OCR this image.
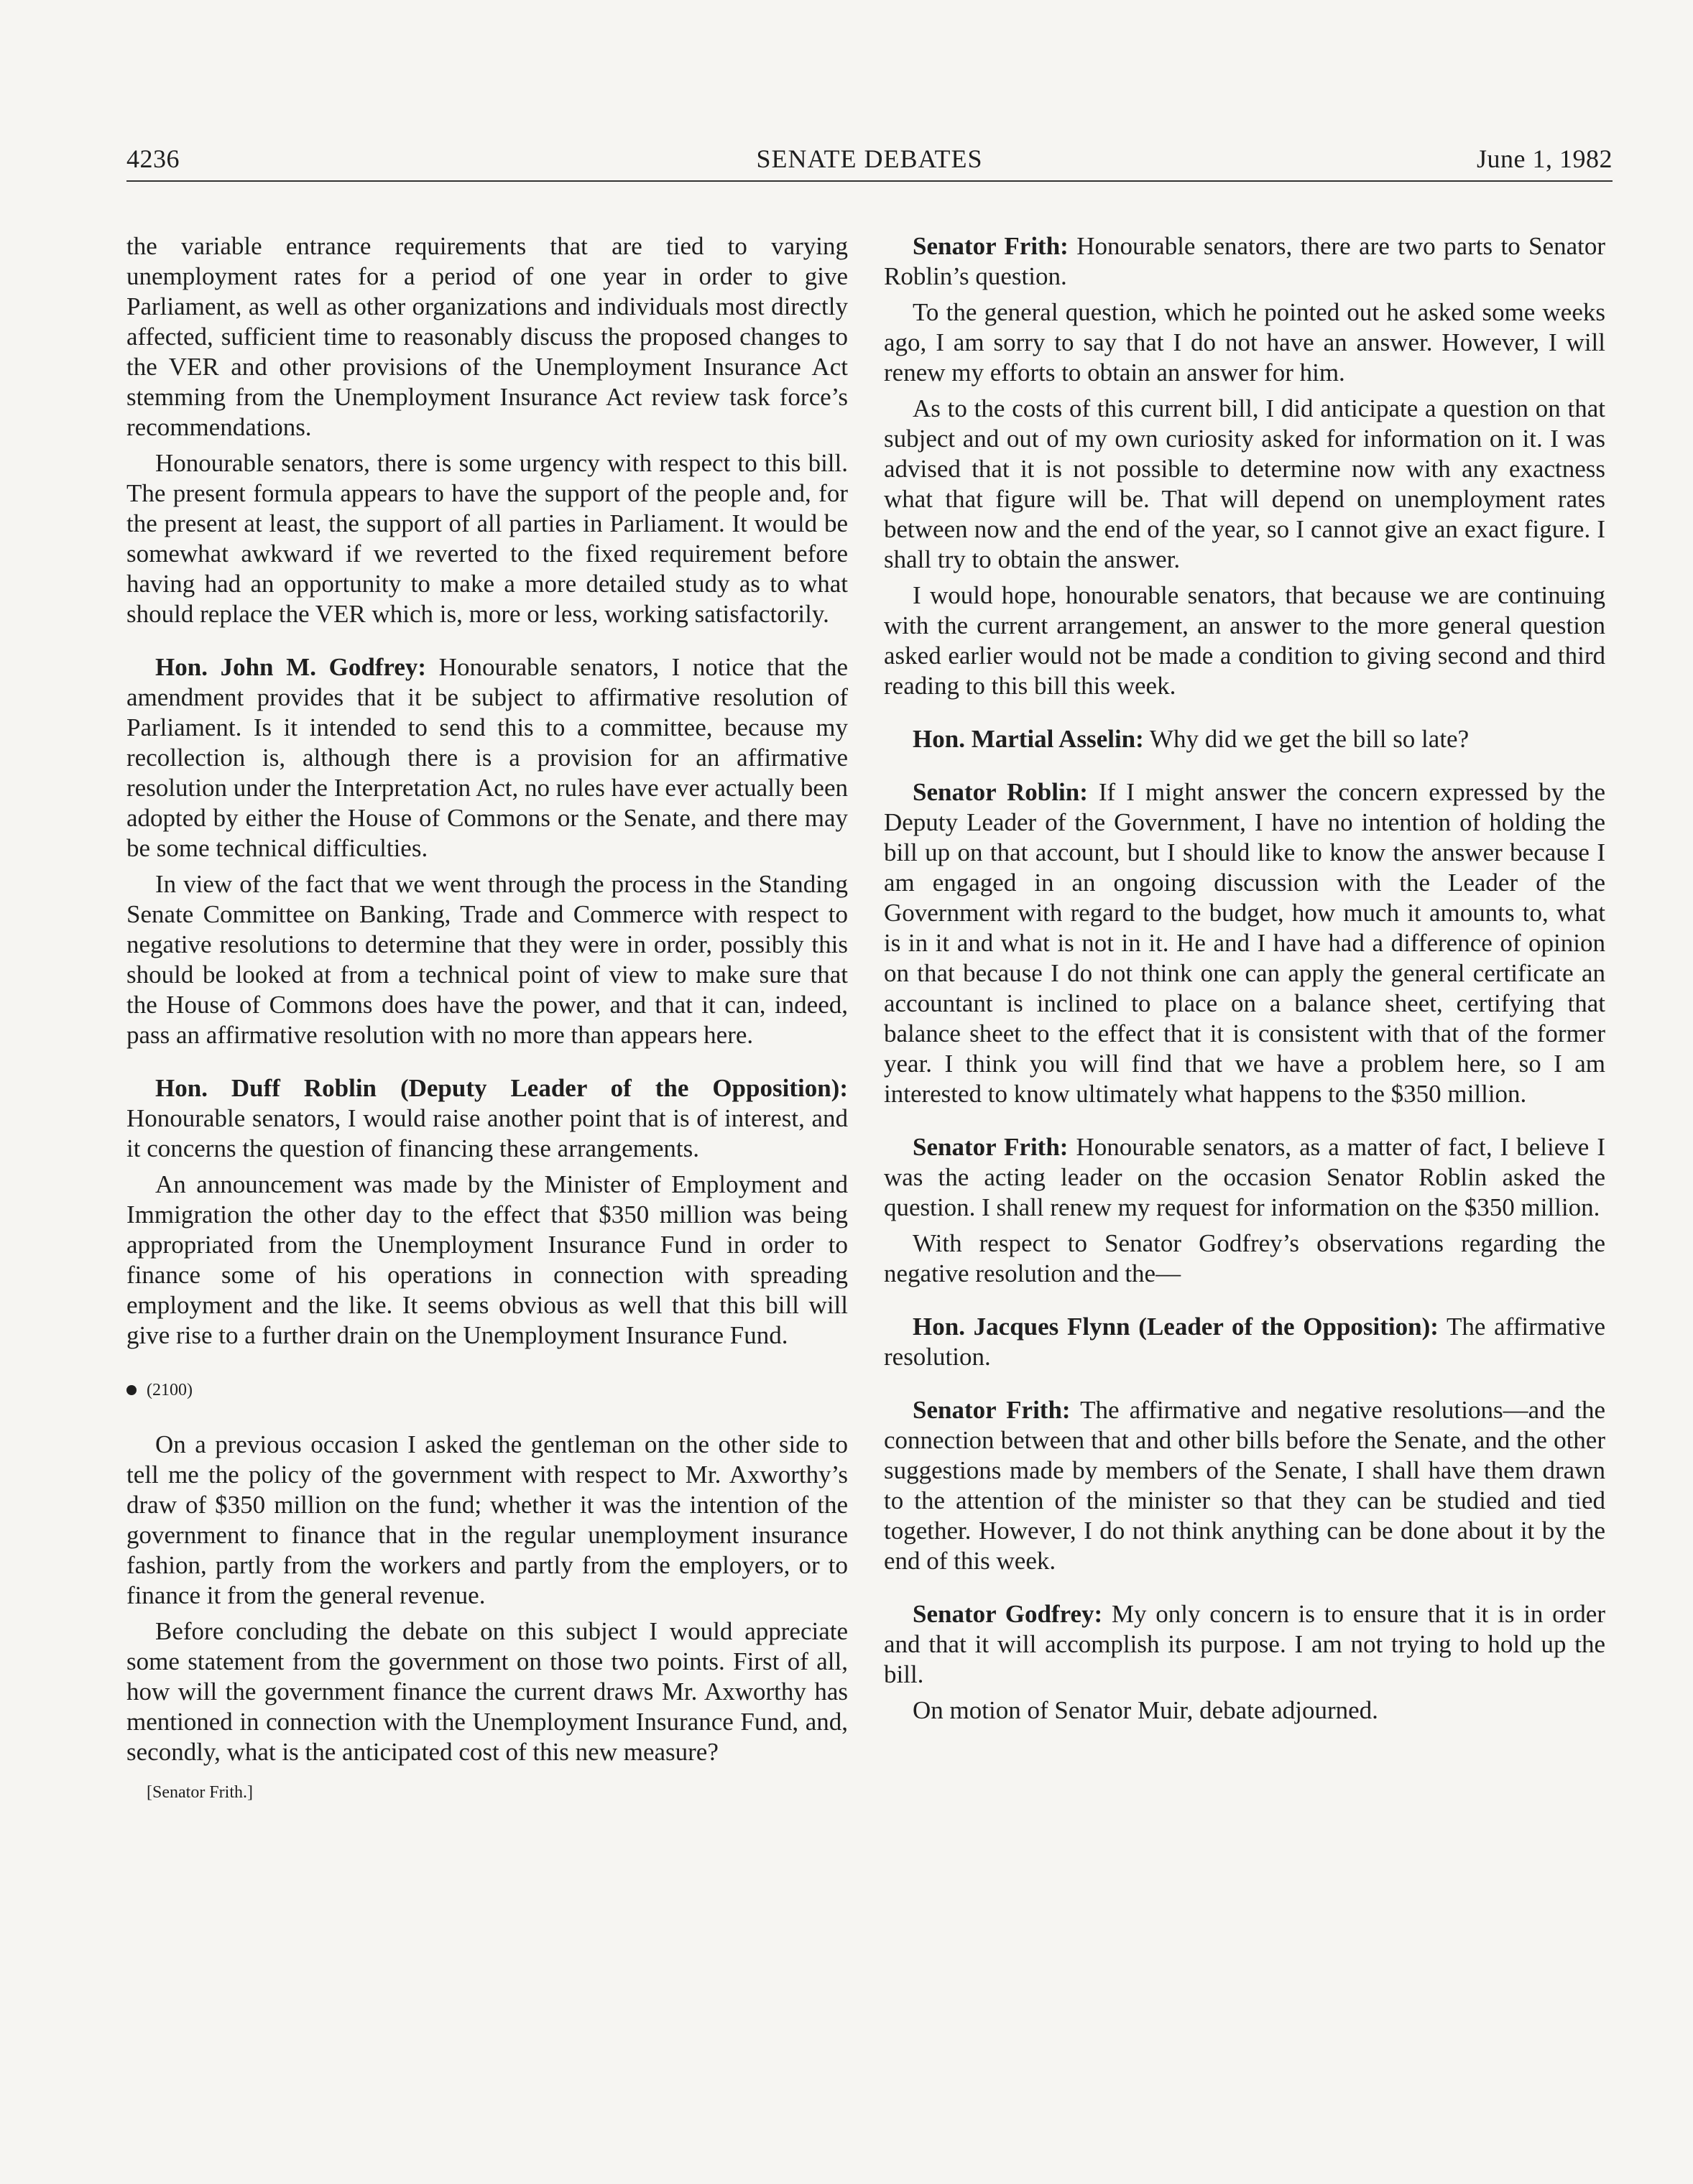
4236	SENATE DEBATES	June 1, 1982

the variable entrance requirements that are tied to varying unemployment rates for a period of one year in order to give Parliament, as well as other organizations and individuals most directly affected, sufficient time to reasonably discuss the proposed changes to the VER and other provisions of the Unemployment Insurance Act stemming from the Unemployment Insurance Act review task force’s recommendations.

Honourable senators, there is some urgency with respect to this bill. The present formula appears to have the support of the people and, for the present at least, the support of all parties in Parliament. It would be somewhat awkward if we reverted to the fixed requirement before having had an opportunity to make a more detailed study as to what should replace the VER which is, more or less, working satisfactorily.

Hon. John M. Godfrey: Honourable senators, I notice that the amendment provides that it be subject to affirmative resolution of Parliament. Is it intended to send this to a committee, because my recollection is, although there is a provision for an affirmative resolution under the Interpretation Act, no rules have ever actually been adopted by either the House of Commons or the Senate, and there may be some technical difficulties.

In view of the fact that we went through the process in the Standing Senate Committee on Banking, Trade and Commerce with respect to negative resolutions to determine that they were in order, possibly this should be looked at from a technical point of view to make sure that the House of Commons does have the power, and that it can, indeed, pass an affirmative resolution with no more than appears here.

Hon. Duff Roblin (Deputy Leader of the Opposition): Honourable senators, I would raise another point that is of interest, and it concerns the question of financing these arrangements.

An announcement was made by the Minister of Employment and Immigration the other day to the effect that $350 million was being appropriated from the Unemployment Insurance Fund in order to finance some of his operations in connection with spreading employment and the like. It seems obvious as well that this bill will give rise to a further drain on the Unemployment Insurance Fund.

(2100)

On a previous occasion I asked the gentleman on the other side to tell me the policy of the government with respect to Mr. Axworthy’s draw of $350 million on the fund; whether it was the intention of the government to finance that in the regular unemployment insurance fashion, partly from the workers and partly from the employers, or to finance it from the general revenue.

Before concluding the debate on this subject I would appreciate some statement from the government on those two points. First of all, how will the government finance the current draws Mr. Axworthy has mentioned in connection with the Unemployment Insurance Fund, and, secondly, what is the anticipated cost of this new measure?

[Senator Frith.]

Senator Frith: Honourable senators, there are two parts to Senator Roblin’s question.

To the general question, which he pointed out he asked some weeks ago, I am sorry to say that I do not have an answer. However, I will renew my efforts to obtain an answer for him.

As to the costs of this current bill, I did anticipate a question on that subject and out of my own curiosity asked for information on it. I was advised that it is not possible to determine now with any exactness what that figure will be. That will depend on unemployment rates between now and the end of the year, so I cannot give an exact figure. I shall try to obtain the answer.

I would hope, honourable senators, that because we are continuing with the current arrangement, an answer to the more general question asked earlier would not be made a condition to giving second and third reading to this bill this week.

Hon. Martial Asselin: Why did we get the bill so late?

Senator Roblin: If I might answer the concern expressed by the Deputy Leader of the Government, I have no intention of holding the bill up on that account, but I should like to know the answer because I am engaged in an ongoing discussion with the Leader of the Government with regard to the budget, how much it amounts to, what is in it and what is not in it. He and I have had a difference of opinion on that because I do not think one can apply the general certificate an accountant is inclined to place on a balance sheet, certifying that balance sheet to the effect that it is consistent with that of the former year. I think you will find that we have a problem here, so I am interested to know ultimately what happens to the $350 million.

Senator Frith: Honourable senators, as a matter of fact, I believe I was the acting leader on the occasion Senator Roblin asked the question. I shall renew my request for information on the $350 million.

With respect to Senator Godfrey’s observations regarding the negative resolution and the—

Hon. Jacques Flynn (Leader of the Opposition): The affirmative resolution.

Senator Frith: The affirmative and negative resolutions—and the connection between that and other bills before the Senate, and the other suggestions made by members of the Senate, I shall have them drawn to the attention of the minister so that they can be studied and tied together. However, I do not think anything can be done about it by the end of this week.

Senator Godfrey: My only concern is to ensure that it is in order and that it will accomplish its purpose. I am not trying to hold up the bill.

On motion of Senator Muir, debate adjourned.
